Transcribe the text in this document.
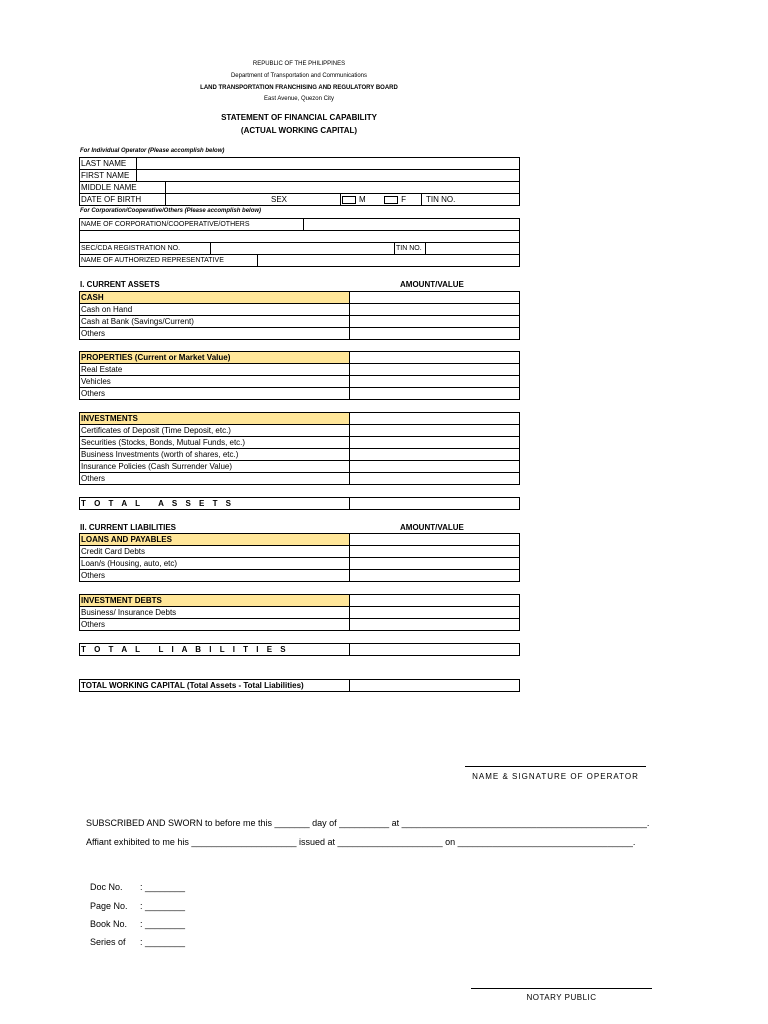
REPUBLIC OF THE PHILIPPINES
Department of Transportation and Communications
LAND TRANSPORTATION FRANCHISING AND REGULATORY BOARD
East Avenue, Quezon City
STATEMENT OF FINANCIAL CAPABILITY
(ACTUAL WORKING CAPITAL)
For Individual Operator (Please accomplish below)
LAST NAME				
FIRST NAME				
MIDDLE NAME				
DATE OF BIRTH		SEX	M F	TIN NO.
For Corporation/Cooperative/Others (Please accomplish below)
NAME OF CORPORATION/COOPERATIVE/OTHERS					

SEC/CDA REGISTRATION NO.				TIN NO.	
NAME OF AUTHORIZED REPRESENTATIVE					
I. CURRENT ASSETS	AMOUNT/VALUE
CASH	
Cash on Hand	
Cash at Bank (Savings/Current)	
Others	
PROPERTIES (Current or Market Value)	
Real Estate	
Vehicles	
Others	
INVESTMENTS	
Certificates of Deposit (Time Deposit, etc.)	
Securities (Stocks, Bonds, Mutual Funds, etc.)	
Business Investments (worth of shares, etc.)	
Insurance Policies (Cash Surrender Value)	
Others	
T O T A L   A S S E T S	
II. CURRENT LIABILITIES	AMOUNT/VALUE
LOANS AND PAYABLES	
Credit Card Debts	
Loan/s (Housing, auto, etc)	
Others	
INVESTMENT DEBTS	
Business/ Insurance Debts	
Others	
T O T A L   L I A B I L I T I E S	
TOTAL WORKING CAPITAL (Total Assets - Total Liabilities)	
NAME & SIGNATURE OF OPERATOR
SUBSCRIBED AND SWORN to before me this _______ day of __________ at _________________________________________________.
Affiant exhibited to me his _____________________ issued at _____________________ on ___________________________________.
Doc No. : ________
Page No. : ________
Book No. : ________
Series of : ________
NOTARY PUBLIC
